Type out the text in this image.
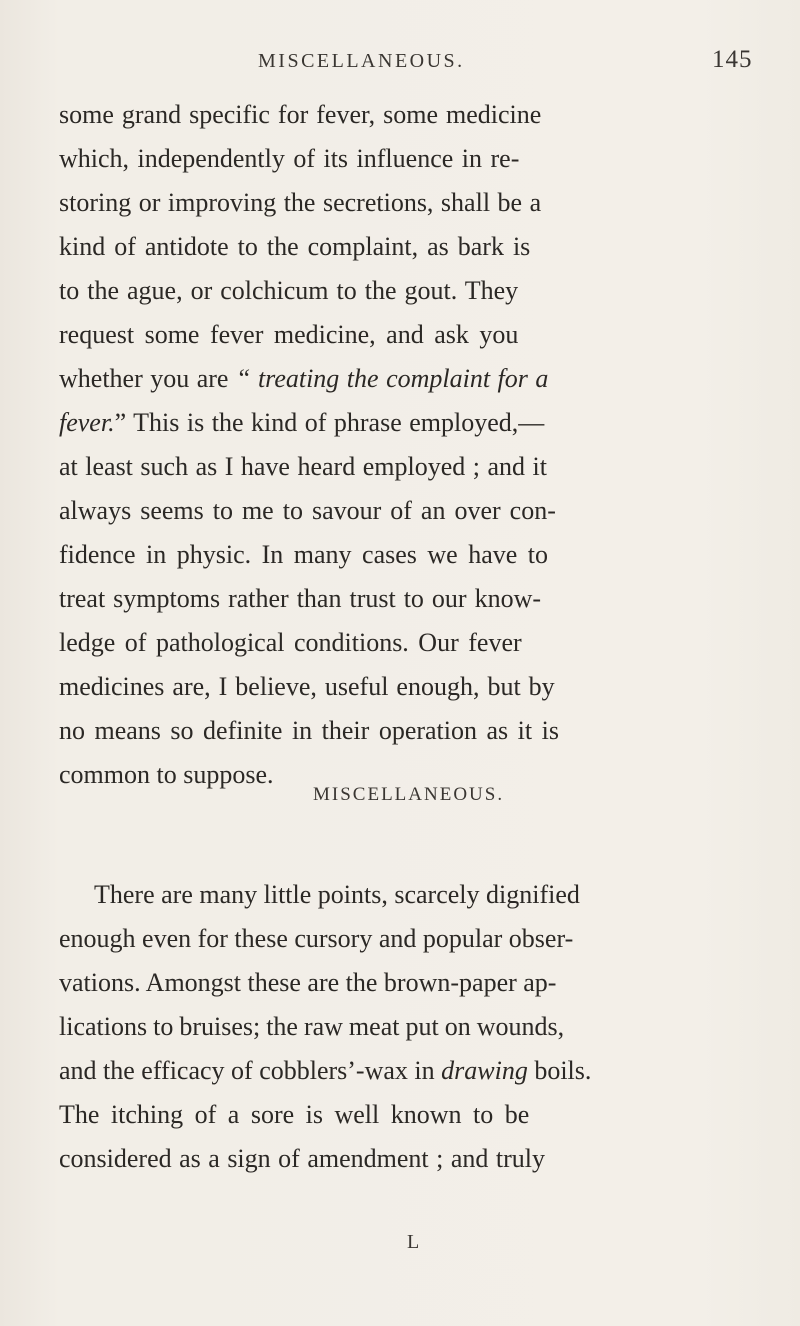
MISCELLANEOUS.	145
some grand specific for fever, some medicine
which, independently of its influence in re-
storing or improving the secretions, shall be a
kind of antidote to the complaint, as bark is
to the ague, or colchicum to the gout. They
request some fever medicine, and ask you
whether you are “ treating the complaint for a
fever.” This is the kind of phrase employed,—
at least such as I have heard employed ; and it
always seems to me to savour of an over con-
fidence in physic. In many cases we have to
treat symptoms rather than trust to our know-
ledge of pathological conditions. Our fever
medicines are, I believe, useful enough, but by
no means so definite in their operation as it is
common to suppose.
MISCELLANEOUS.
There are many little points, scarcely dignified
enough even for these cursory and popular obser-
vations. Amongst these are the brown-paper ap-
lications to bruises; the raw meat put on wounds,
and the efficacy of cobblers’-wax in drawing boils.
The itching of a sore is well known to be
considered as a sign of amendment ; and truly
L
